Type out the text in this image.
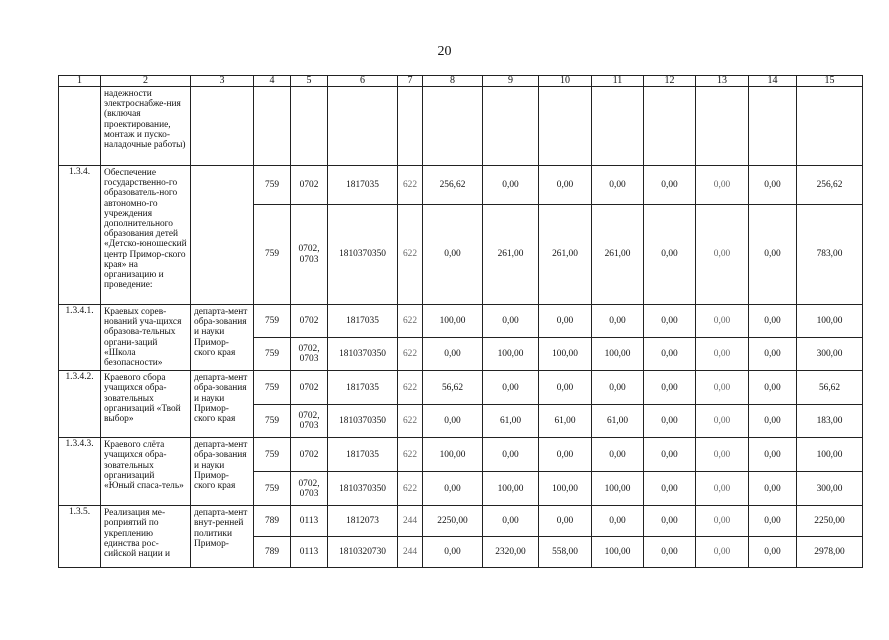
20
1	2	3	4	5	6	7	8	9	10	11	12	13	14	15
	надежности электроснабже-ния (включая проектирование, монтаж и пуско-наладочные работы)													
1.3.4.	Обеспечение государственно-го образователь-ного автономно-го учреждения дополнительного образования детей «Детско-юношеский центр Примор-ского края» на организацию и проведение:		759	0702	1817035	622	256,62	0,00	0,00	0,00	0,00	0,00	0,00	256,62
			759	0702, 0703	1810370350	622	0,00	261,00	261,00	261,00	0,00	0,00	0,00	783,00
1.3.4.1.	Краевых сорев-нований уча-щихся образова-тельных органи-заций «Школа безопасности»	департа-мент обра-зования и науки Примор-ского края	759	0702	1817035	622	100,00	0,00	0,00	0,00	0,00	0,00	0,00	100,00
			759	0702, 0703	1810370350	622	0,00	100,00	100,00	100,00	0,00	0,00	0,00	300,00
1.3.4.2.	Краевого сбора учащихся обра-зовательных организаций «Твой выбор»	департа-мент обра-зования и науки Примор-ского края	759	0702	1817035	622	56,62	0,00	0,00	0,00	0,00	0,00	0,00	56,62
			759	0702, 0703	1810370350	622	0,00	61,00	61,00	61,00	0,00	0,00	0,00	183,00
1.3.4.3.	Краевого слёта учащихся обра-зовательных организаций «Юный спаса-тель»	департа-мент обра-зования и науки Примор-ского края	759	0702	1817035	622	100,00	0,00	0,00	0,00	0,00	0,00	0,00	100,00
			759	0702, 0703	1810370350	622	0,00	100,00	100,00	100,00	0,00	0,00	0,00	300,00
1.3.5.	Реализация ме-роприятий по укреплению единства рос-сийской нации и	департа-мент внут-ренней политики Примор-	789	0113	1812073	244	2250,00	0,00	0,00	0,00	0,00	0,00	0,00	2250,00
			789	0113	1810320730	244	0,00	2320,00	558,00	100,00	0,00	0,00	0,00	2978,00
